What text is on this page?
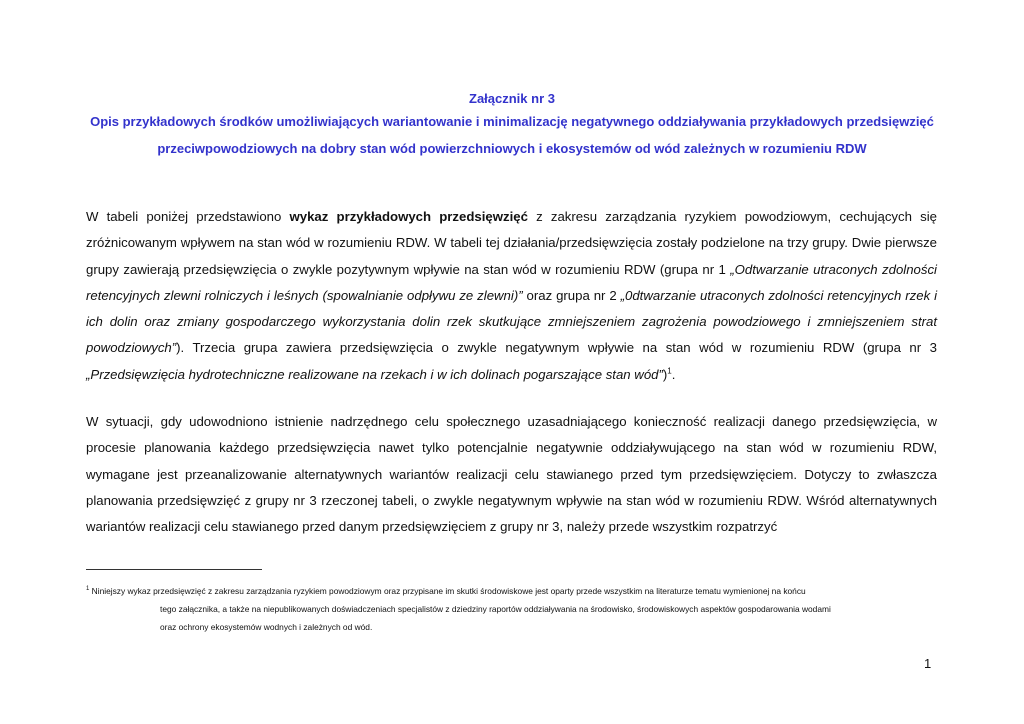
Załącznik nr 3
Opis przykładowych środków umożliwiających wariantowanie i minimalizację negatywnego oddziaływania przykładowych przedsięwzięć
przeciwpowodziowych na dobry stan wód powierzchniowych i ekosystemów od wód zależnych w rozumieniu RDW
W tabeli poniżej przedstawiono wykaz przykładowych przedsięwzięć z zakresu zarządzania ryzykiem powodziowym, cechujących się zróżnicowanym wpływem na stan wód w rozumieniu RDW. W tabeli tej działania/przedsięwzięcia zostały podzielone na trzy grupy. Dwie pierwsze grupy zawierają przedsięwzięcia o zwykle pozytywnym wpływie na stan wód w rozumieniu RDW (grupa nr 1 „Odtwarzanie utraconych zdolności retencyjnych zlewni rolniczych i leśnych (spowalnianie odpływu ze zlewni)” oraz grupa nr 2 „0dtwarzanie utraconych zdolności retencyjnych rzek i ich dolin oraz zmiany gospodarczego wykorzystania dolin rzek skutkujące zmniejszeniem zagrożenia powodziowego i zmniejszeniem strat powodziowych”). Trzecia grupa zawiera przedsięwzięcia o zwykle negatywnym wpływie na stan wód w rozumieniu RDW (grupa nr 3 „Przedsięwzięcia hydrotechniczne realizowane na rzekach i w ich dolinach pogarszające stan wód”)$^1$.
W sytuacji, gdy udowodniono istnienie nadrzędnego celu społecznego uzasadniającego konieczność realizacji danego przedsięwzięcia, w procesie planowania każdego przedsięwzięcia nawet tylko potencjalnie negatywnie oddziaływującego na stan wód w rozumieniu RDW, wymagane jest przeanalizowanie alternatywnych wariantów realizacji celu stawianego przed tym przedsięwzięciem. Dotyczy to zwłaszcza planowania przedsięwzięć z grupy nr 3 rzeczonej tabeli, o zwykle negatywnym wpływie na stan wód w rozumieniu RDW. Wśród alternatywnych wariantów realizacji celu stawianego przed danym przedsięwzięciem z grupy nr 3, należy przede wszystkim rozpatrzyć
$^1$ Niniejszy wykaz przedsięwzięć z zakresu zarządzania ryzykiem powodziowym oraz przypisane im skutki środowiskowe jest oparty przede wszystkim na literaturze tematu wymienionej na końcu
tego załącznika, a także na niepublikowanych doświadczeniach specjalistów z dziedziny raportów oddziaływania na środowisko, środowiskowych aspektów gospodarowania wodami
oraz ochrony ekosystemów wodnych i zależnych od wód.
1
